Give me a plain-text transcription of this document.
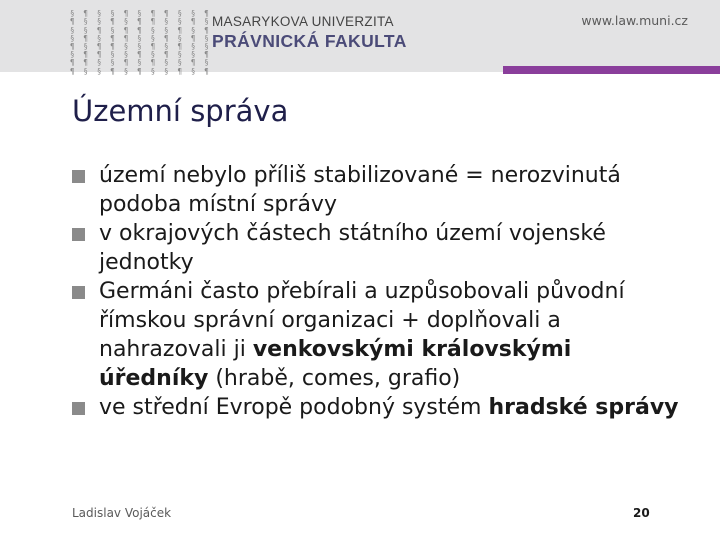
§ ¶ § § ¶ § ¶ ¶ § § ¶
¶ § § ¶ § ¶ ¶ § § ¶ §
§ § ¶ § ¶ ¶ § § ¶ § ¶
§ ¶ § ¶ ¶ § § ¶ § ¶ §
¶ § ¶ ¶ § § ¶ § ¶ § §
§ ¶ ¶ § § ¶ § ¶ § § ¶
¶ ¶ § § ¶ § ¶ § § ¶ §
¶ § § ¶ § ¶ § § ¶ § ¶

MASARYKOVA UNIVERZITA
PRÁVNICKÁ FAKULTA
www.law.muni.cz
Územní správa
území nebylo příliš stabilizované = nerozvinutá podoba místní správy
v okrajových částech státního území vojenské jednotky
Germáni často přebírali a uzpůsobovali původní římskou správní organizaci + doplňovali a nahrazovali ji venkovskými královskými úředníky (hrabě, comes, grafio)
ve střední Evropě podobný systém hradské správy
Ladislav Vojáček	20
